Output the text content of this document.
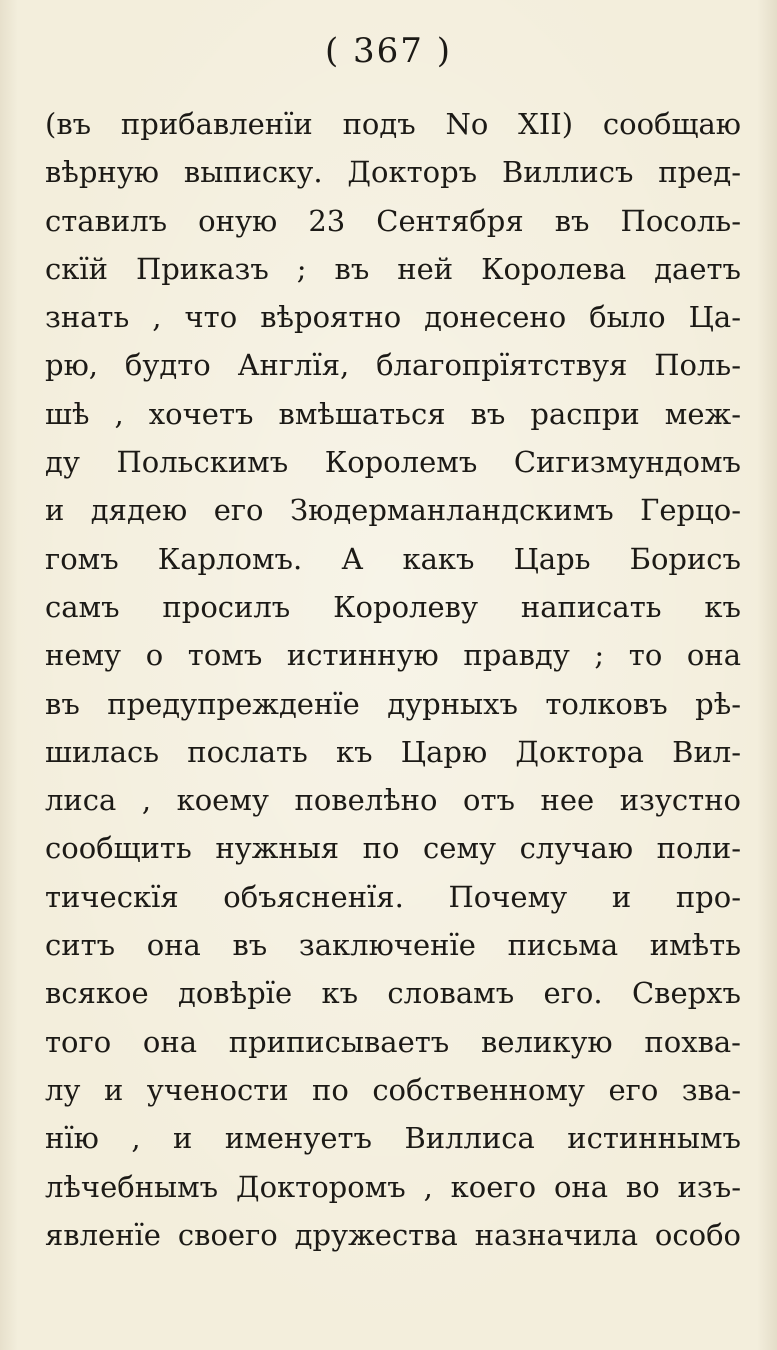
( 367 )
(въ прибавленїи подъ No XII) сообщаю
вѣрную выписку. Докторъ Виллисъ пред-
ставилъ оную 23 Сентября въ Посоль-
скїй Приказъ ; въ ней Королева даетъ
знать , что вѣроятно донесено было Ца-
рю, будто Англїя, благопрїятствуя Поль-
шѣ , хочетъ вмѣшаться въ распри меж-
ду Польскимъ Королемъ Сигизмундомъ
и дядею его Зюдерманландскимъ Герцо-
гомъ Карломъ. А какъ Царь Борисъ
самъ просилъ Королеву написать къ
нему о томъ истинную правду ; то она
въ предупрежденїе дурныхъ толковъ рѣ-
шилась послать къ Царю Доктора Вил-
лиса , коему повелѣно отъ нее изустно
сообщить нужныя по сему случаю поли-
тическїя объясненїя. Почему и про-
ситъ она въ заключенїе письма имѣть
всякое довѣрїе къ словамъ его. Сверхъ
того она приписываетъ великую похва-
лу и учености по собственному его зва-
нїю , и именуетъ Виллиса истиннымъ
лѣчебнымъ Докторомъ , коего она во изъ-
явленїе своего дружества назначила особо
